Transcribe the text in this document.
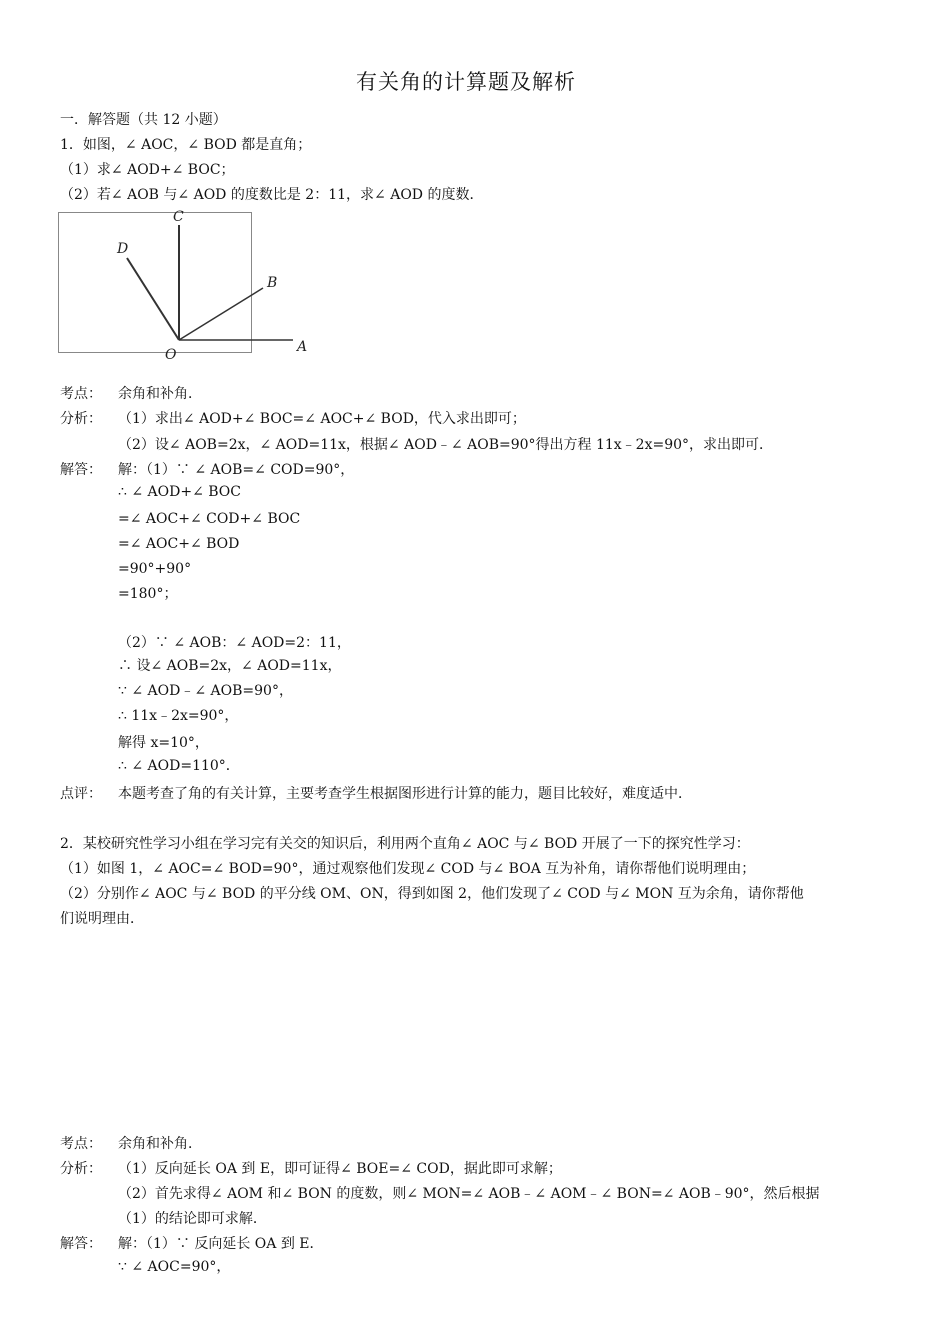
有关角的计算题及解析
一．解答题（共 12 小题）
1．如图，∠ AOC，∠ BOD 都是直角；
（1）求∠ AOD+∠ BOC；
（2）若∠ AOB 与∠ AOD 的度数比是 2：11，求∠ AOD 的度数．
C
D
B
O	A
考点： 余角和补角．
分析： （1）求出∠ AOD+∠ BOC=∠ AOC+∠ BOD，代入求出即可；
（2）设∠ AOB=2x，∠ AOD=11x，根据∠ AOD﹣∠ AOB=90°得出方程 11x﹣2x=90°，求出即可．
解答： 解：（1）∵ ∠ AOB=∠ COD=90°，
∴ ∠ AOD+∠ BOC
=∠ AOC+∠ COD+∠ BOC
=∠ AOC+∠ BOD
=90°+90°
=180°；
（2）∵ ∠ AOB：∠ AOD=2：11，
∴ 设∠ AOB=2x，∠ AOD=11x，
∵ ∠ AOD﹣∠ AOB=90°，
∴ 11x﹣2x=90°，
解得 x=10°，
∴ ∠ AOD=110°．
点评： 本题考查了角的有关计算，主要考查学生根据图形进行计算的能力，题目比较好，难度适中．
2．某校研究性学习小组在学习完有关交的知识后，利用两个直角∠ AOC 与∠ BOD 开展了一下的探究性学习：
（1）如图 1，∠ AOC=∠ BOD=90°，通过观察他们发现∠ COD 与∠ BOA 互为补角，请你帮他们说明理由；
（2）分别作∠ AOC 与∠ BOD 的平分线 OM、ON，得到如图 2，他们发现了∠ COD 与∠ MON 互为余角，请你帮他
们说明理由．
考点： 余角和补角．
分析： （1）反向延长 OA 到 E，即可证得∠ BOE=∠ COD，据此即可求解；
（2）首先求得∠ AOM 和∠ BON 的度数，则∠ MON=∠ AOB﹣∠ AOM﹣∠ BON=∠ AOB﹣90°，然后根据
（1）的结论即可求解．
解答： 解：（1）∵ 反向延长 OA 到 E．
∵ ∠ AOC=90°，
